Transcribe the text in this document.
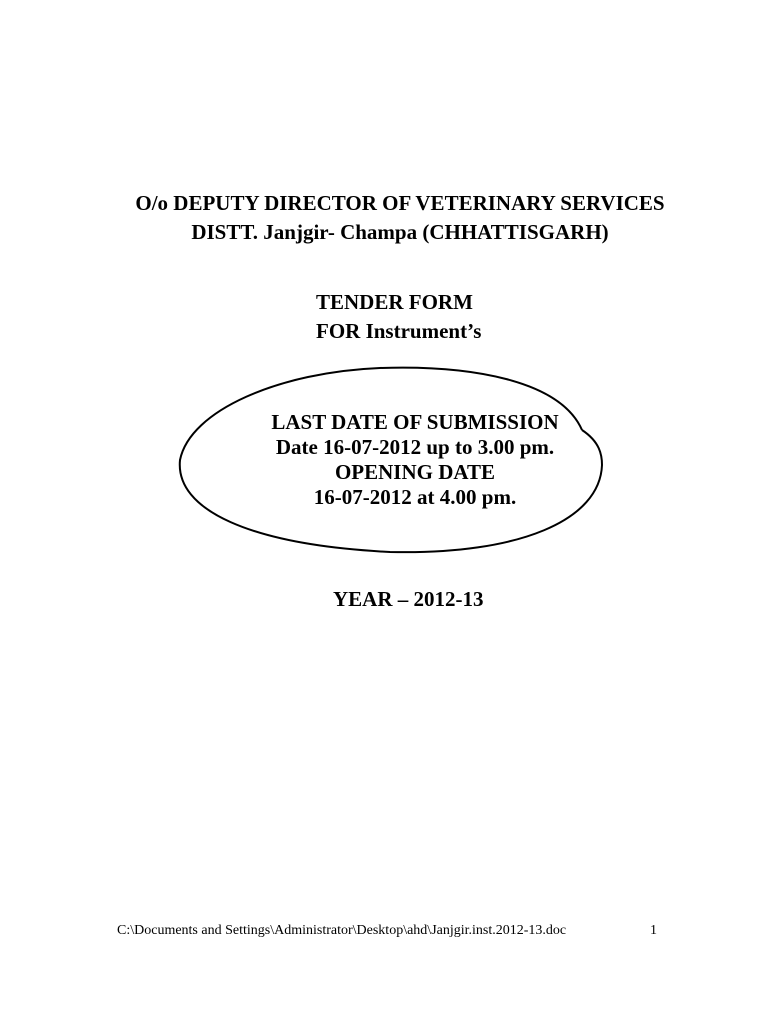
O/o DEPUTY DIRECTOR OF VETERINARY SERVICES
DISTT. Janjgir- Champa (CHHATTISGARH)
TENDER FORM
FOR Instrument’s
LAST DATE OF SUBMISSION
Date 16-07-2012 up to 3.00 pm.
OPENING DATE
16-07-2012 at 4.00 pm.
YEAR – 2012-13
C:\Documents and Settings\Administrator\Desktop\ahd\Janjgir.inst.2012-13.doc	1
